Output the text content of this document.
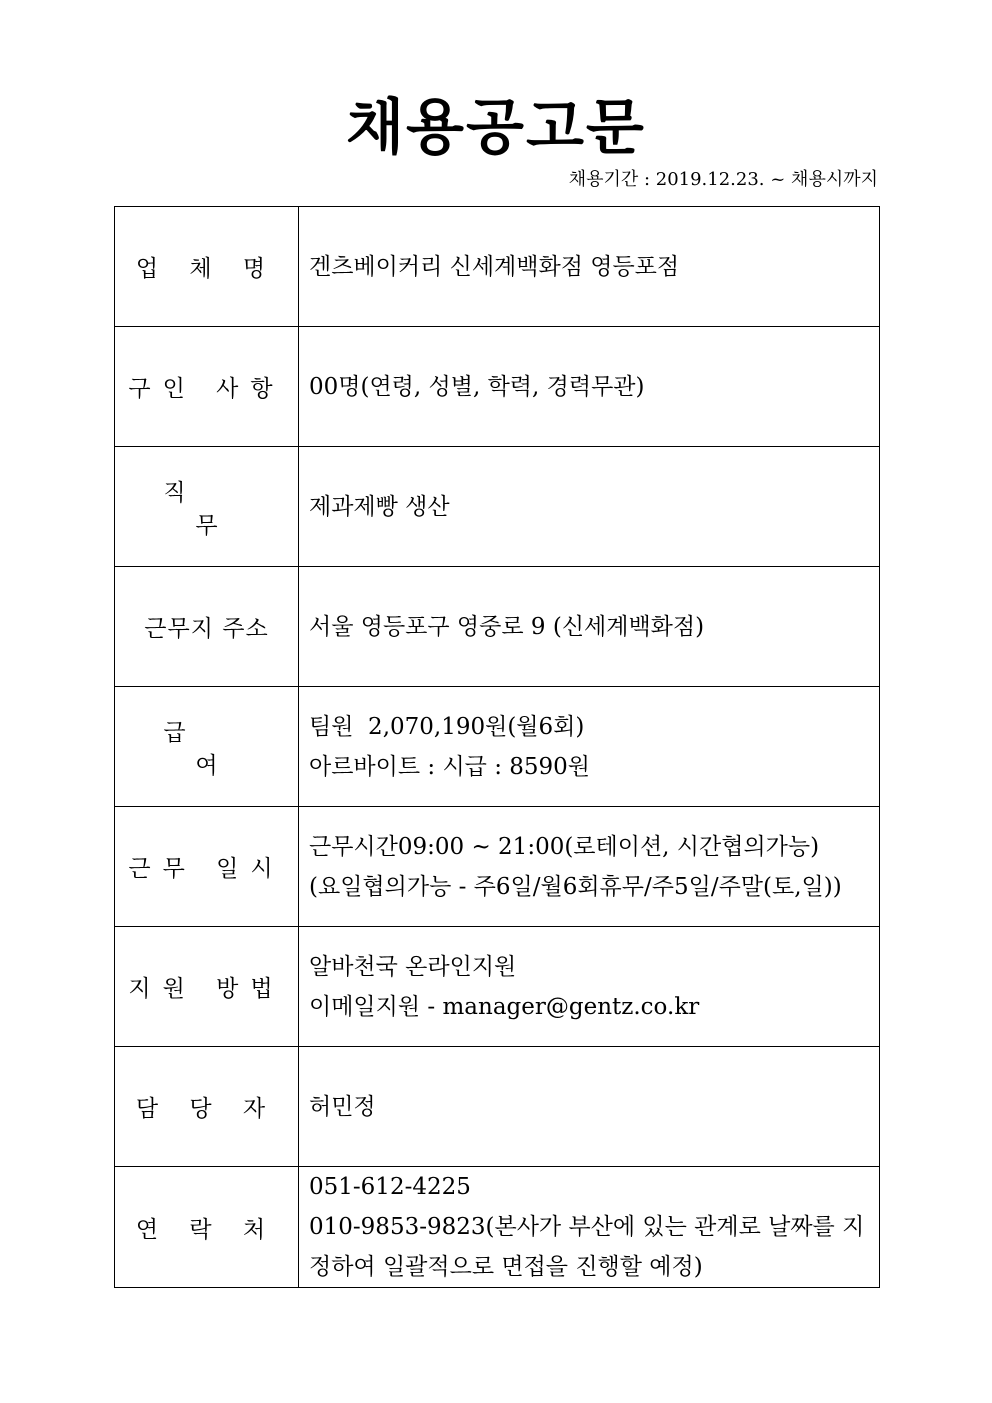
채용공고문
채용기간 : 2019.12.23. ~ 채용시까지
업 체 명	겐츠베이커리 신세계백화점 영등포점

구인 사항	00명(연령, 성별, 학력, 경력무관)

직 무	제과제빵 생산

근무지 주소	서울 영등포구 영중로 9 (신세계백화점)

급 여	팀원  2,070,190원(월6회)
아르바이트 : 시급 : 8590원

근무 일시	근무시간09:00 ~ 21:00(로테이션, 시간협의가능)
(요일협의가능 - 주6일/월6회휴무/주5일/주말(토,일))

지원 방법	알바천국 온라인지원
이메일지원 - manager@gentz.co.kr

담 당 자	허민정

연 락 처	051-612-4225
010-9853-9823(본사가 부산에 있는 관계로 날짜를 지정하여 일괄적으로 면접을 진행할 예정)
